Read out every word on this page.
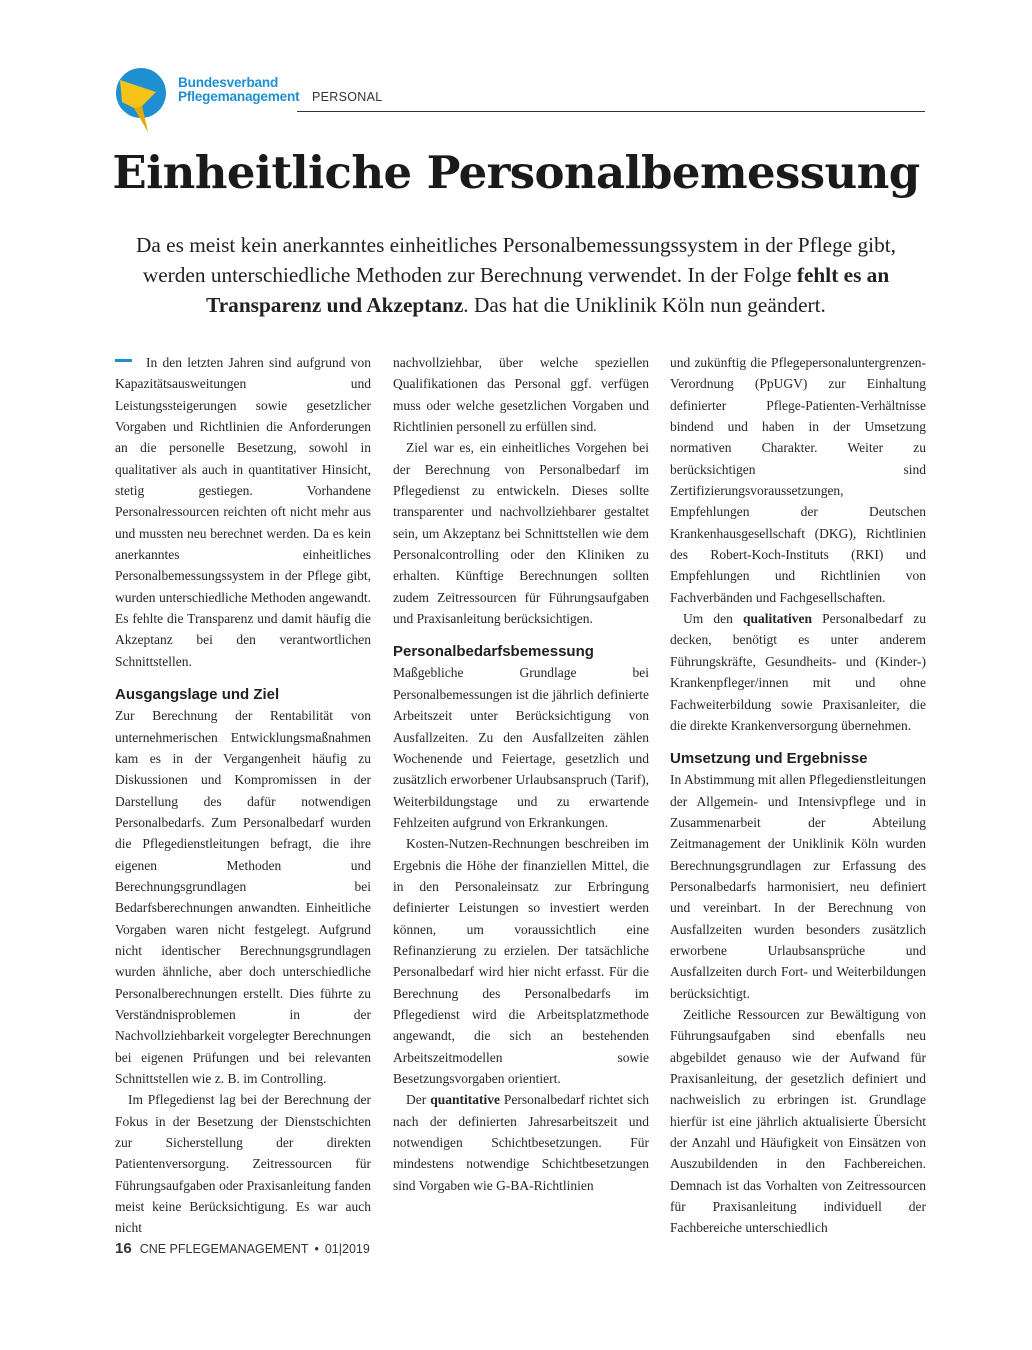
Bundesverband
Pflegemanagement PERSONAL
Einheitliche Personalbemessung
Da es meist kein anerkanntes einheitliches Personalbemessungssystem in der Pflege gibt, werden unterschiedliche Methoden zur Berechnung verwendet. In der Folge fehlt es an Transparenz und Akzeptanz. Das hat die Uniklinik Köln nun geändert.

In den letzten Jahren sind aufgrund von Kapazitätsausweitungen und Leistungssteigerungen sowie gesetzlicher Vorgaben und Richtlinien die Anforderungen an die personelle Besetzung, sowohl in qualitativer als auch in quantitativer Hinsicht, stetig gestiegen. Vorhandene Personalressourcen reichten oft nicht mehr aus und mussten neu berechnet werden. Da es kein anerkanntes einheitliches Personalbemessungssystem in der Pflege gibt, wurden unterschiedliche Methoden angewandt. Es fehlte die Transparenz und damit häufig die Akzeptanz bei den verantwortlichen Schnittstellen.

Ausgangslage und Ziel

Zur Berechnung der Rentabilität von unternehmerischen Entwicklungsmaßnahmen kam es in der Vergangenheit häufig zu Diskussionen und Kompromissen in der Darstellung des dafür notwendigen Personalbedarfs. Zum Personalbedarf wurden die Pflegedienstleitungen befragt, die ihre eigenen Methoden und Berechnungsgrundlagen bei Bedarfsberechnungen anwandten. Einheitliche Vorgaben waren nicht festgelegt. Aufgrund nicht identischer Berechnungsgrundlagen wurden ähnliche, aber doch unterschiedliche Personalberechnungen erstellt. Dies führte zu Verständnisproblemen in der Nachvollziehbarkeit vorgelegter Berechnungen bei eigenen Prüfungen und bei relevanten Schnittstellen wie z. B. im Controlling.

Im Pflegedienst lag bei der Berechnung der Fokus in der Besetzung der Dienstschichten zur Sicherstellung der direkten Patientenversorgung. Zeitressourcen für Führungsaufgaben oder Praxisanleitung fanden meist keine Berücksichtigung. Es war auch nicht

nachvollziehbar, über welche speziellen Qualifikationen das Personal ggf. verfügen muss oder welche gesetzlichen Vorgaben und Richtlinien personell zu erfüllen sind.

Ziel war es, ein einheitliches Vorgehen bei der Berechnung von Personalbedarf im Pflegedienst zu entwickeln. Dieses sollte transparenter und nachvollziehbarer gestaltet sein, um Akzeptanz bei Schnittstellen wie dem Personalcontrolling oder den Kliniken zu erhalten. Künftige Berechnungen sollten zudem Zeitressourcen für Führungsaufgaben und Praxisanleitung berücksichtigen.

Personalbedarfsbemessung

Maßgebliche Grundlage bei Personalbemessungen ist die jährlich definierte Arbeitszeit unter Berücksichtigung von Ausfallzeiten. Zu den Ausfallzeiten zählen Wochenende und Feiertage, gesetzlich und zusätzlich erworbener Urlaubsanspruch (Tarif), Weiterbildungstage und zu erwartende Fehlzeiten aufgrund von Erkrankungen.

Kosten-Nutzen-Rechnungen beschreiben im Ergebnis die Höhe der finanziellen Mittel, die in den Personaleinsatz zur Erbringung definierter Leistungen so investiert werden können, um voraussichtlich eine Refinanzierung zu erzielen. Der tatsächliche Personalbedarf wird hier nicht erfasst. Für die Berechnung des Personalbedarfs im Pflegedienst wird die Arbeitsplatzmethode angewandt, die sich an bestehenden Arbeitszeitmodellen sowie Besetzungsvorgaben orientiert.

Der quantitative Personalbedarf richtet sich nach der definierten Jahresarbeitszeit und notwendigen Schichtbesetzungen. Für mindestens notwendige Schichtbesetzungen sind Vorgaben wie G-BA-Richtlinien

und zukünftig die Pflegepersonaluntergrenzen-Verordnung (PpUGV) zur Einhaltung definierter Pflege-Patienten-Verhältnisse bindend und haben in der Umsetzung normativen Charakter. Weiter zu berücksichtigen sind Zertifizierungsvoraussetzungen, Empfehlungen der Deutschen Krankenhausgesellschaft (DKG), Richtlinien des Robert-Koch-Instituts (RKI) und Empfehlungen und Richtlinien von Fachverbänden und Fachgesellschaften.

Um den qualitativen Personalbedarf zu decken, benötigt es unter anderem Führungskräfte, Gesundheits- und (Kinder-) Krankenpfleger/innen mit und ohne Fachweiterbildung sowie Praxisanleiter, die die direkte Krankenversorgung übernehmen.

Umsetzung und Ergebnisse

In Abstimmung mit allen Pflegedienstleitungen der Allgemein- und Intensivpflege und in Zusammenarbeit der Abteilung Zeitmanagement der Uniklinik Köln wurden Berechnungsgrundlagen zur Erfassung des Personalbedarfs harmonisiert, neu definiert und vereinbart. In der Berechnung von Ausfallzeiten wurden besonders zusätzlich erworbene Urlaubsansprüche und Ausfallzeiten durch Fort- und Weiterbildungen berücksichtigt.

Zeitliche Ressourcen zur Bewältigung von Führungsaufgaben sind ebenfalls neu abgebildet genauso wie der Aufwand für Praxisanleitung, der gesetzlich definiert und nachweislich zu erbringen ist. Grundlage hierfür ist eine jährlich aktualisierte Übersicht der Anzahl und Häufigkeit von Einsätzen von Auszubildenden in den Fachbereichen. Demnach ist das Vorhalten von Zeitressourcen für Praxisanleitung individuell der Fachbereiche unterschiedlich

16 CNE PFLEGEMANAGEMENT • 01|2019
